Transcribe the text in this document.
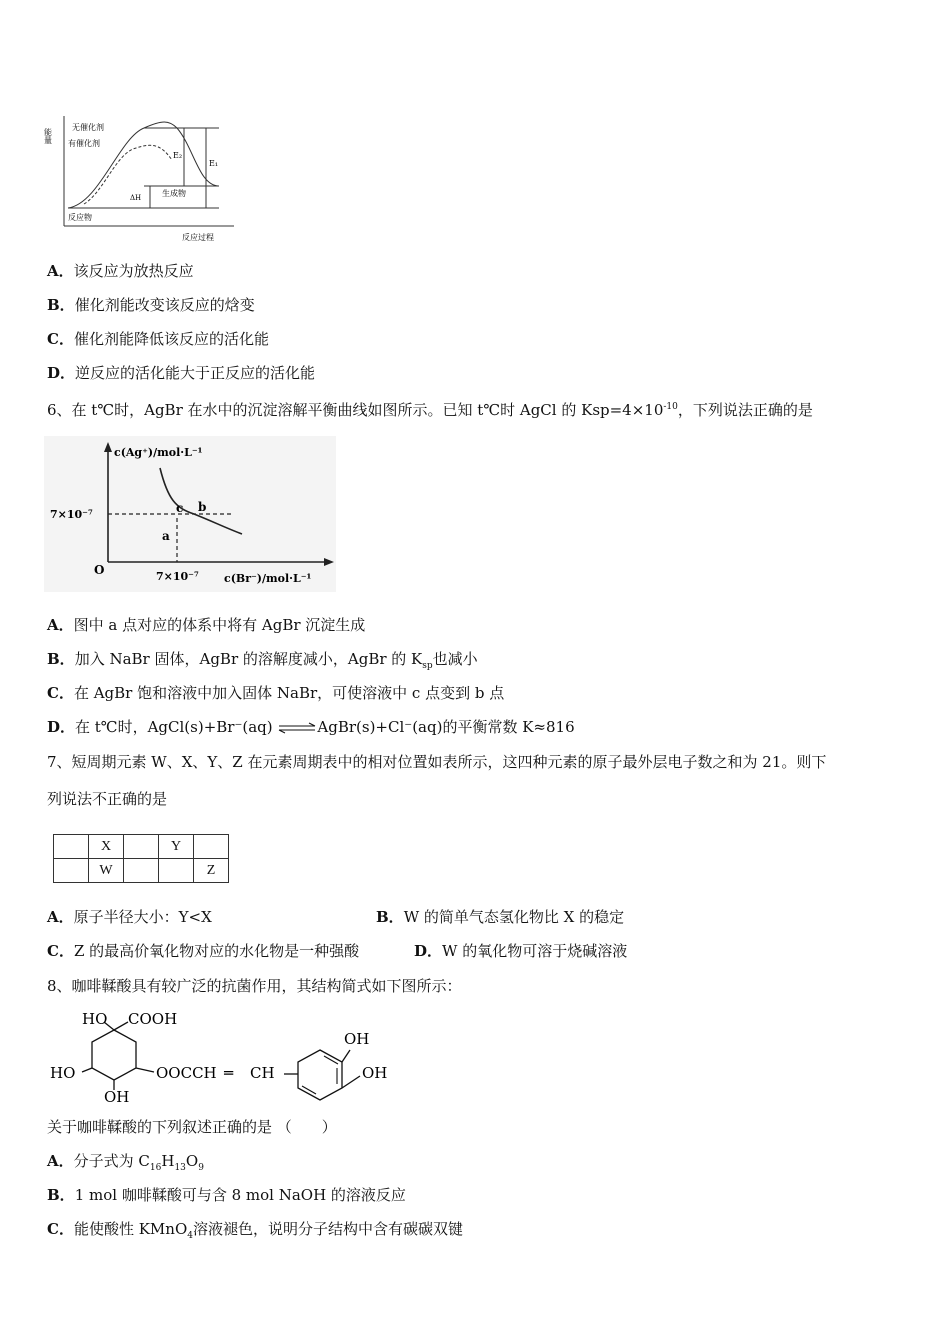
能量
无催化剂
有催化剂
E₂
E₁
ΔH	生成物
反应物
反应过程
A．该反应为放热反应
B．催化剂能改变该反应的焓变
C．催化剂能降低该反应的活化能
D．逆反应的活化能大于正反应的活化能
6、在 t℃时，AgBr 在水中的沉淀溶解平衡曲线如图所示。已知 t℃时 AgCl 的 $Ksp=4\times 10^{-10}$，下列说法正确的是
c(Ag⁺)/mol·L⁻¹
c(Br⁻)/mol·L⁻¹
7×10⁻⁷
7×10⁻⁷
O
a
b
c
A．图中 a 点对应的体系中将有 AgBr 沉淀生成
B．加入 NaBr 固体，AgBr 的溶解度减小，AgBr 的 $K_{sp}$也减小
C．在 AgBr 饱和溶液中加入固体 NaBr，可使溶液中 c 点变到 b 点
D．在 t℃时，AgCl(s)+Br⁻(aq) ⇌AgBr(s)+Cl⁻(aq)的平衡常数 K≈816
7、短周期元素 W、X、Y、Z 在元素周期表中的相对位置如表所示，这四种元素的原子最外层电子数之和为 21。则下
列说法不正确的是
	X		Y	
	W			Z
A．原子半径大小：Y<X	B．W 的简单气态氢化物比 X 的稳定
C．Z 的最高价氧化物对应的水化物是一种强酸	D．W 的氧化物可溶于烧碱溶液
8、咖啡鞣酸具有较广泛的抗菌作用，其结构简式如下图所示：
HO COOH
HO
OH
OOCCH ═ CH
OH
OH
关于咖啡鞣酸的下列叙述正确的是 （　　）
A．分子式为 $C_{16}H_{13}O_9$
B．1 mol 咖啡鞣酸可与含 8 mol NaOH 的溶液反应
C．能使酸性 KMnO$_4$溶液褪色，说明分子结构中含有碳碳双键
